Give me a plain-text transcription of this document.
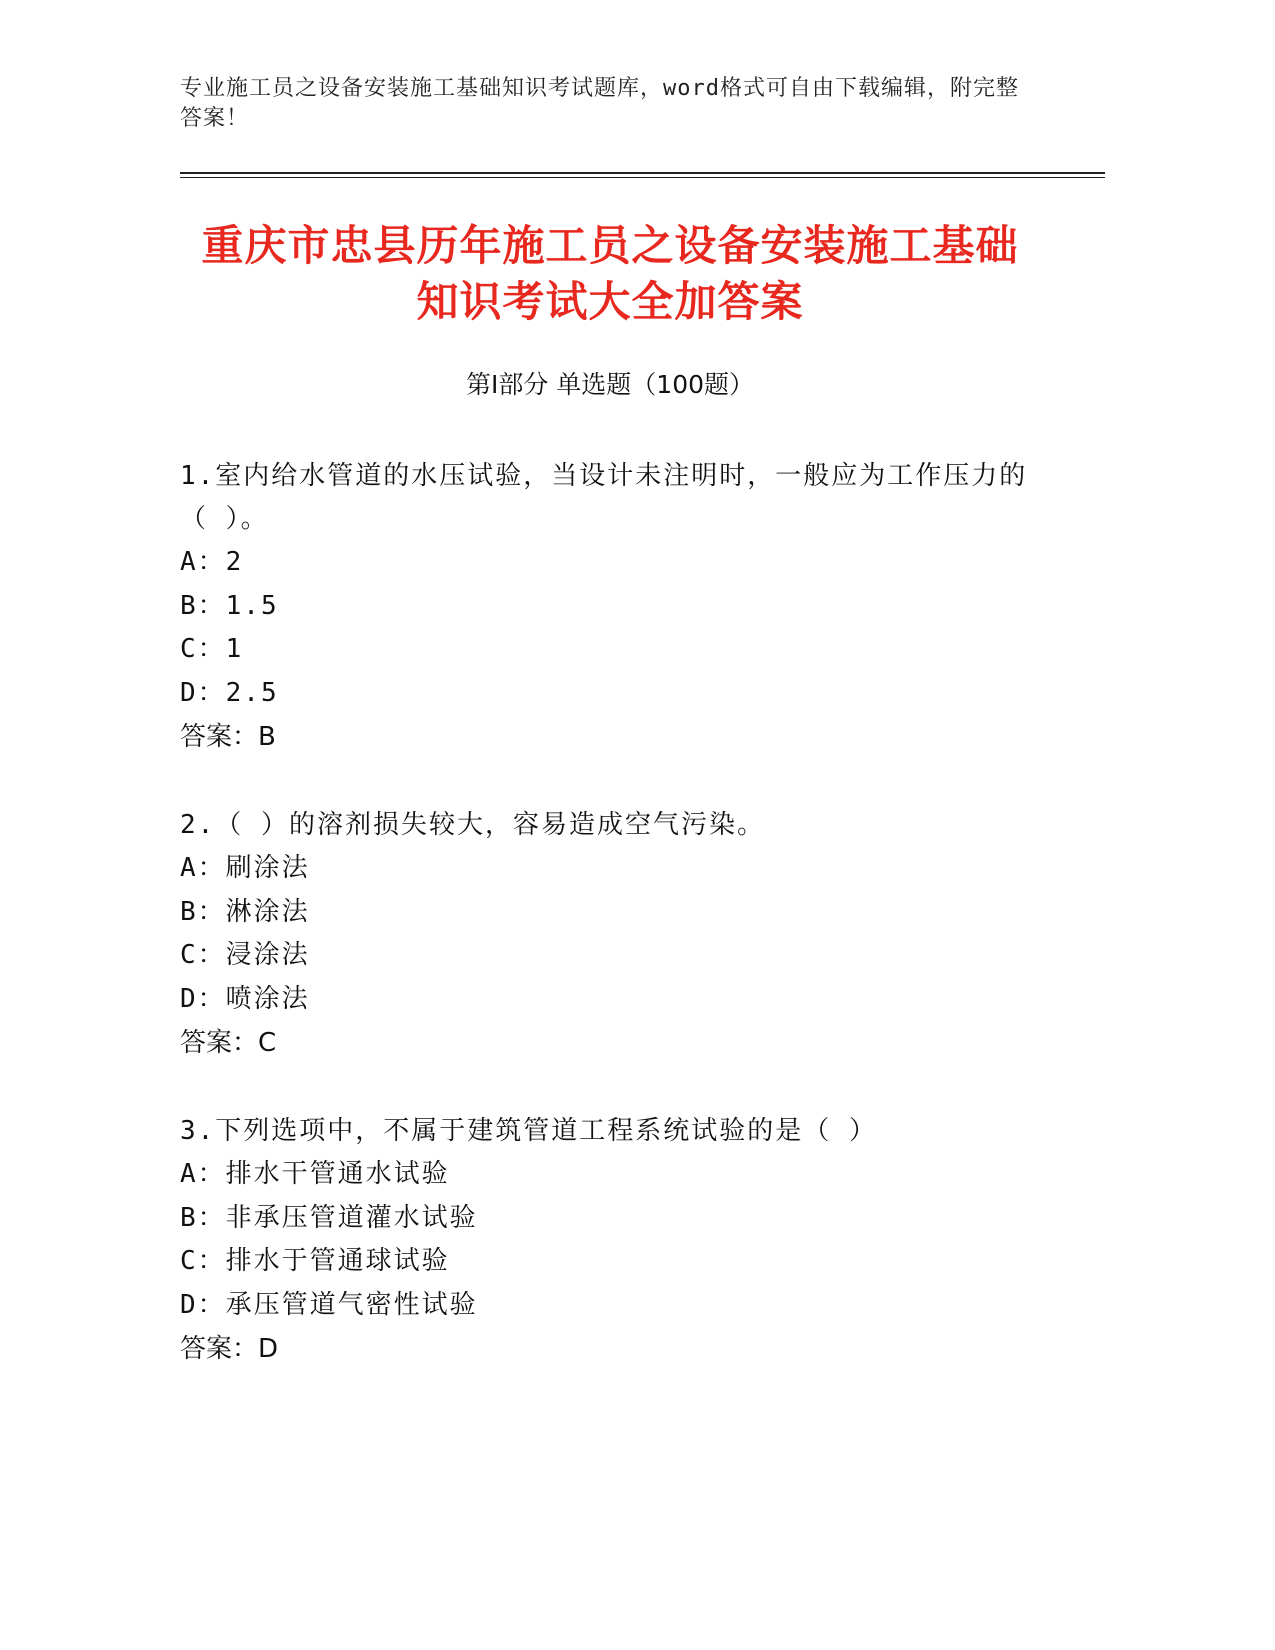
专业施工员之设备安装施工基础知识考试题库，word格式可自由下载编辑，附完整答案！
重庆市忠县历年施工员之设备安装施工基础
知识考试大全加答案
第Ⅰ部分 单选题（100题）

1.室内给水管道的水压试验，当设计未注明时，一般应为工作压力的（ ）。

A：2
B：1.5
C：1
D：2.5
答案：B

2.（ ）的溶剂损失较大，容易造成空气污染。

A：刷涂法
B：淋涂法
C：浸涂法
D：喷涂法
答案：C

3.下列选项中，不属于建筑管道工程系统试验的是（ ）

A：排水干管通水试验
B：非承压管道灌水试验
C：排水于管通球试验
D：承压管道气密性试验
答案：D
